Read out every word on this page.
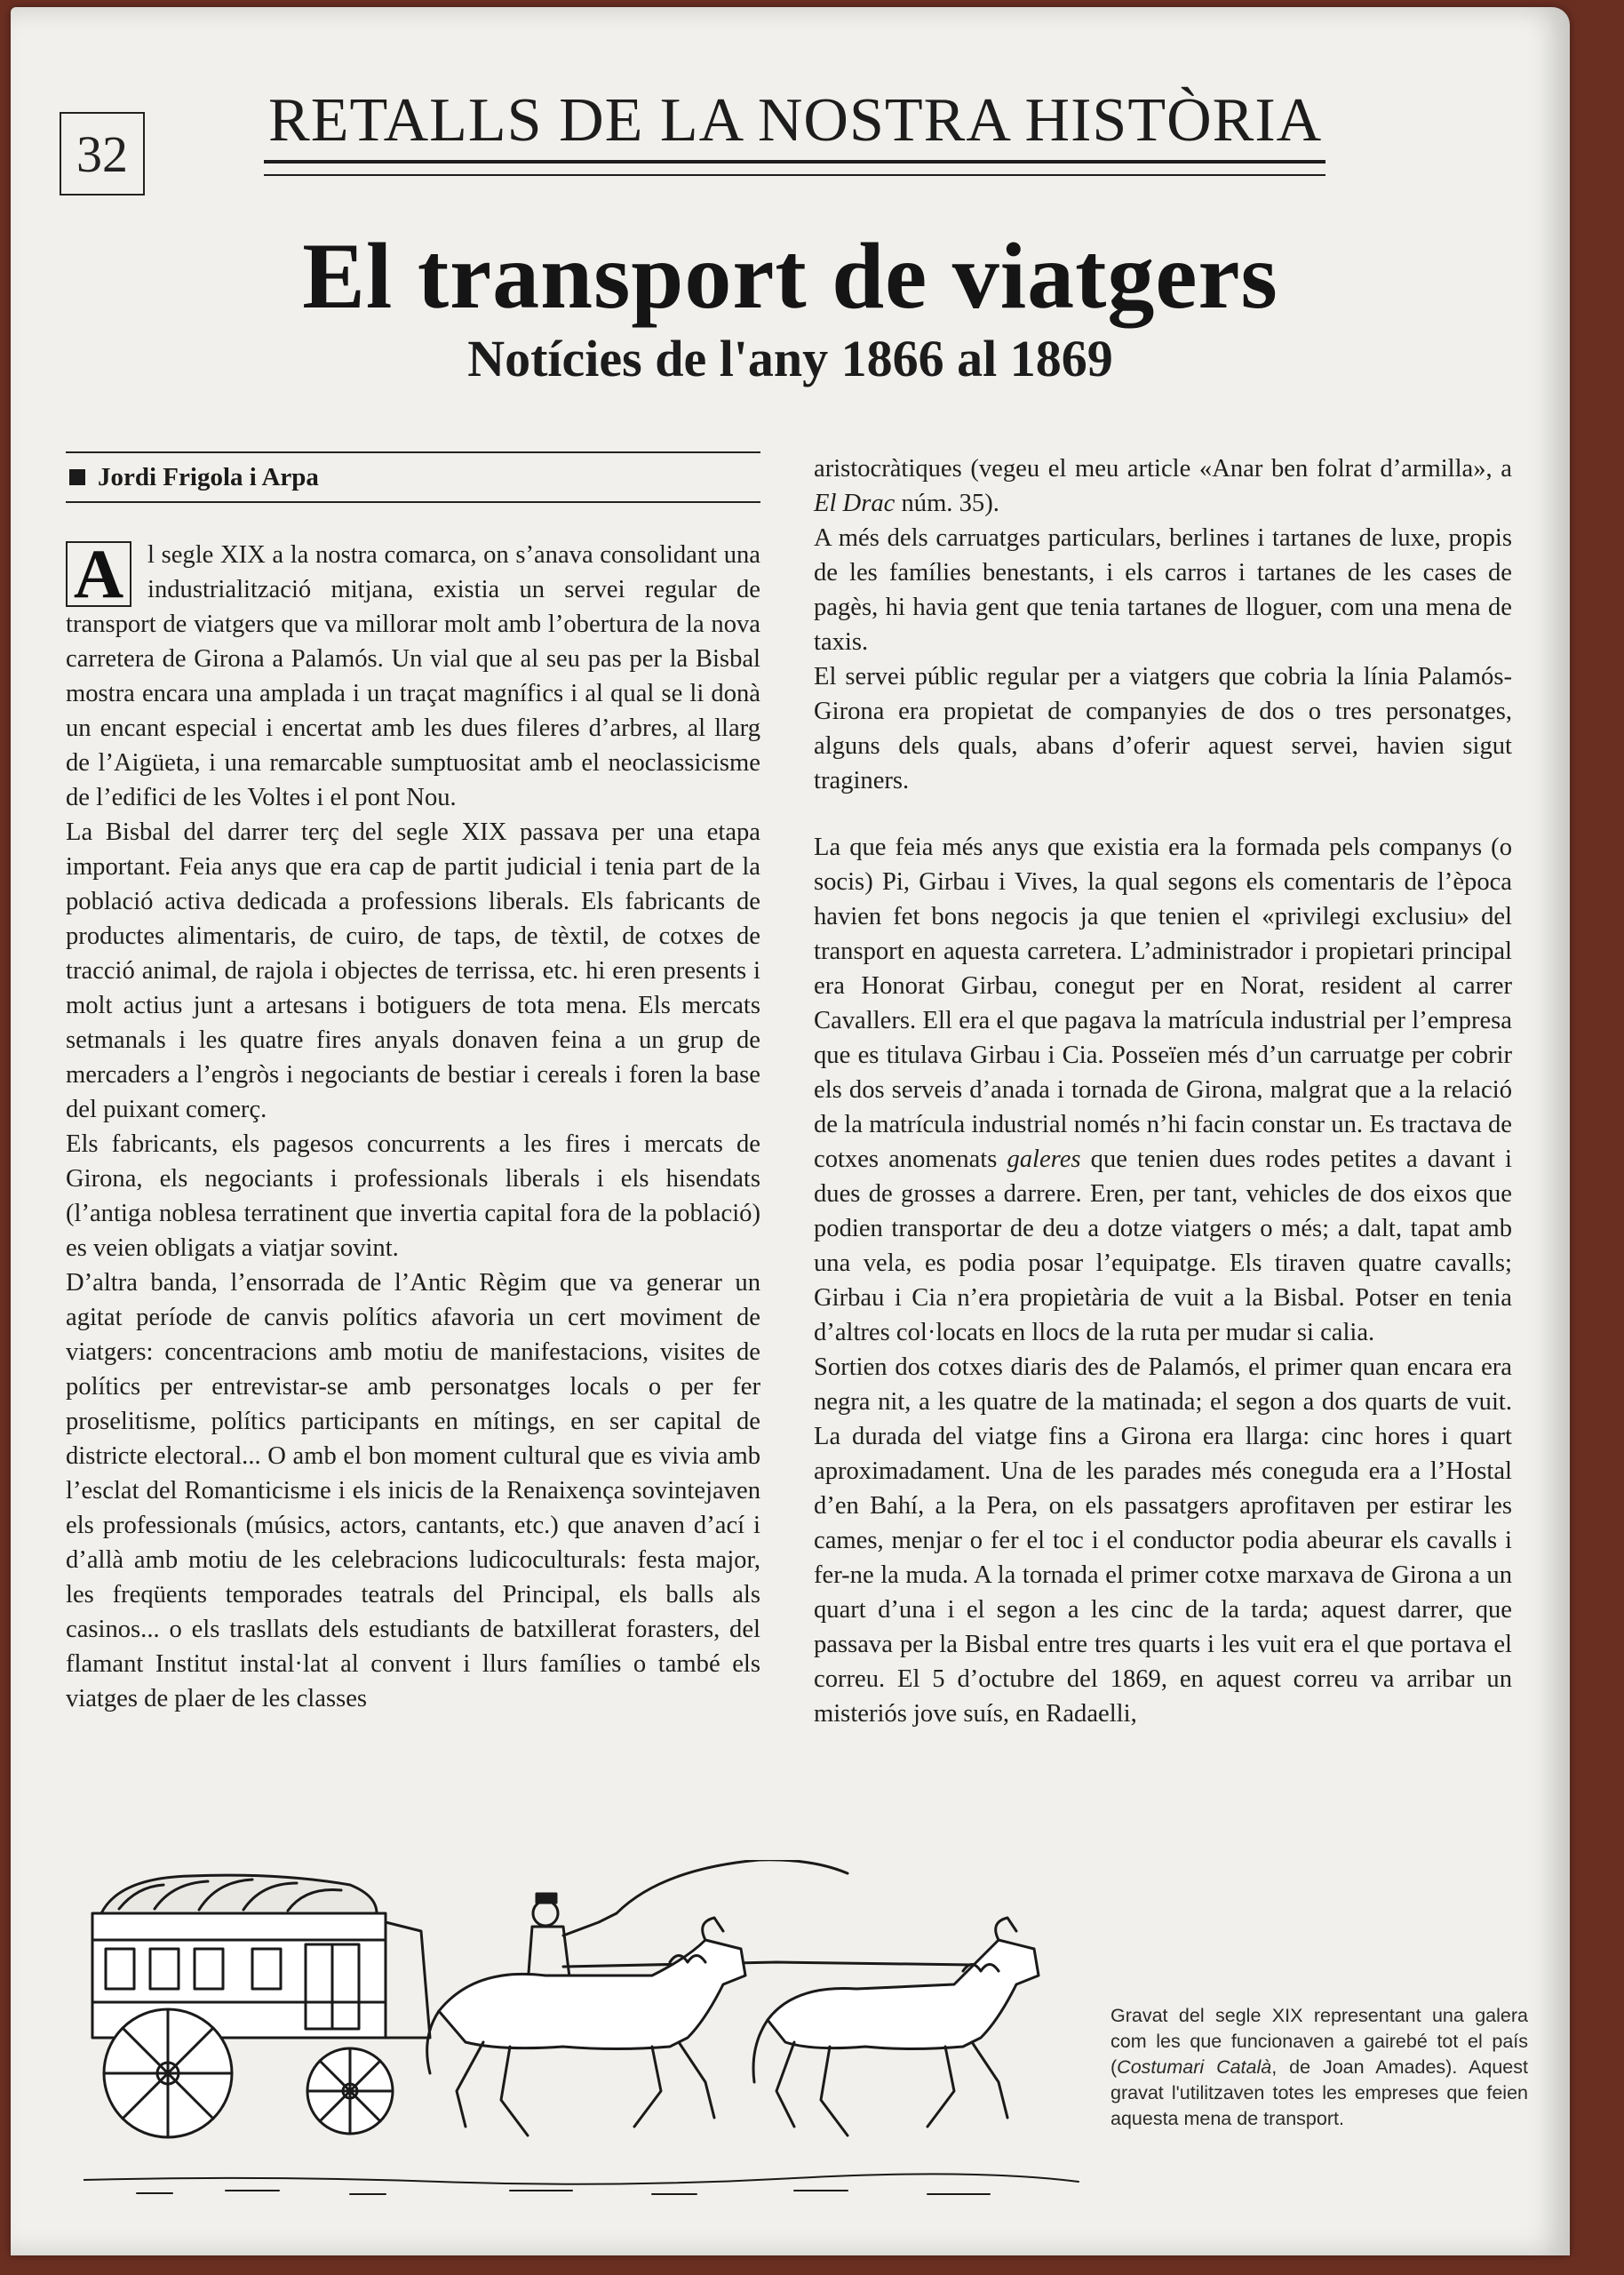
32 RETALLS DE LA NOSTRA HISTÒRIA
El transport de viatgers
Notícies de l'any 1866 al 1869
Jordi Frigola i Arpa

A l segle XIX a la nostra comarca, on s’anava consolidant una industrialització mitjana, existia un servei regular de transport de viatgers que va millorar molt amb l’obertura de la nova carretera de Girona a Palamós. Un vial que al seu pas per la Bisbal mostra encara una amplada i un traçat magnífics i al qual se li donà un encant especial i encertat amb les dues fileres d’arbres, al llarg de l’Aigüeta, i una remarcable sumptuositat amb el neoclassicisme de l’edifici de les Voltes i el pont Nou.

La Bisbal del darrer terç del segle XIX passava per una etapa important. Feia anys que era cap de partit judicial i tenia part de la població activa dedicada a professions liberals. Els fabricants de productes alimentaris, de cuiro, de taps, de tèxtil, de cotxes de tracció animal, de rajola i objectes de terrissa, etc. hi eren presents i molt actius junt a artesans i botiguers de tota mena. Els mercats setmanals i les quatre fires anyals donaven feina a un grup de mercaders a l’engròs i negociants de bestiar i cereals i foren la base del puixant comerç.

Els fabricants, els pagesos concurrents a les fires i mercats de Girona, els negociants i professionals liberals i els hisendats (l’antiga noblesa terratinent que invertia capital fora de la població) es veien obligats a viatjar sovint.

D’altra banda, l’ensorrada de l’Antic Règim que va generar un agitat període de canvis polítics afavoria un cert moviment de viatgers: concentracions amb motiu de manifestacions, visites de polítics per entrevistar-se amb personatges locals o per fer proselitisme, polítics participants en mítings, en ser capital de districte electoral... O amb el bon moment cultural que es vivia amb l’esclat del Romanticisme i els inicis de la Renaixença sovintejaven els professionals (músics, actors, cantants, etc.) que anaven d’ací i d’allà amb motiu de les celebracions ludicoculturals: festa major, les freqüents temporades teatrals del Principal, els balls als casinos... o els trasllats dels estudiants de batxillerat forasters, del flamant Institut instal·lat al convent i llurs famílies o també els viatges de plaer de les classes

aristocràtiques (vegeu el meu article «Anar ben folrat d’armilla», a El Drac núm. 35).

A més dels carruatges particulars, berlines i tartanes de luxe, propis de les famílies benestants, i els carros i tartanes de les cases de pagès, hi havia gent que tenia tartanes de lloguer, com una mena de taxis.

El servei públic regular per a viatgers que cobria la línia Palamós-Girona era propietat de companyies de dos o tres personatges, alguns dels quals, abans d’oferir aquest servei, havien sigut traginers.

La que feia més anys que existia era la formada pels companys (o socis) Pi, Girbau i Vives, la qual segons els comentaris de l’època havien fet bons negocis ja que tenien el «privilegi exclusiu» del transport en aquesta carretera. L’administrador i propietari principal era Honorat Girbau, conegut per en Norat, resident al carrer Cavallers. Ell era el que pagava la matrícula industrial per l’empresa que es titulava Girbau i Cia. Posseïen més d’un carruatge per cobrir els dos serveis d’anada i tornada de Girona, malgrat que a la relació de la matrícula industrial només n’hi facin constar un. Es tractava de cotxes anomenats galeres que tenien dues rodes petites a davant i dues de grosses a darrere. Eren, per tant, vehicles de dos eixos que podien transportar de deu a dotze viatgers o més; a dalt, tapat amb una vela, es podia posar l’equipatge. Els tiraven quatre cavalls; Girbau i Cia n’era propietària de vuit a la Bisbal. Potser en tenia d’altres col·locats en llocs de la ruta per mudar si calia.

Sortien dos cotxes diaris des de Palamós, el primer quan encara era negra nit, a les quatre de la matinada; el segon a dos quarts de vuit. La durada del viatge fins a Girona era llarga: cinc hores i quart aproximadament. Una de les parades més coneguda era a l’Hostal d’en Bahí, a la Pera, on els passatgers aprofitaven per estirar les cames, menjar o fer el toc i el conductor podia abeurar els cavalls i fer-ne la muda. A la tornada el primer cotxe marxava de Girona a un quart d’una i el segon a les cinc de la tarda; aquest darrer, que passava per la Bisbal entre tres quarts i les vuit era el que portava el correu. El 5 d’octubre del 1869, en aquest correu va arribar un misteriós jove suís, en Radaelli,

Gravat del segle XIX representant una galera com les que funcionaven a gairebé tot el país (Costumari Català, de Joan Amades). Aquest gravat l'utilitzaven totes les empreses que feien aquesta mena de transport.
